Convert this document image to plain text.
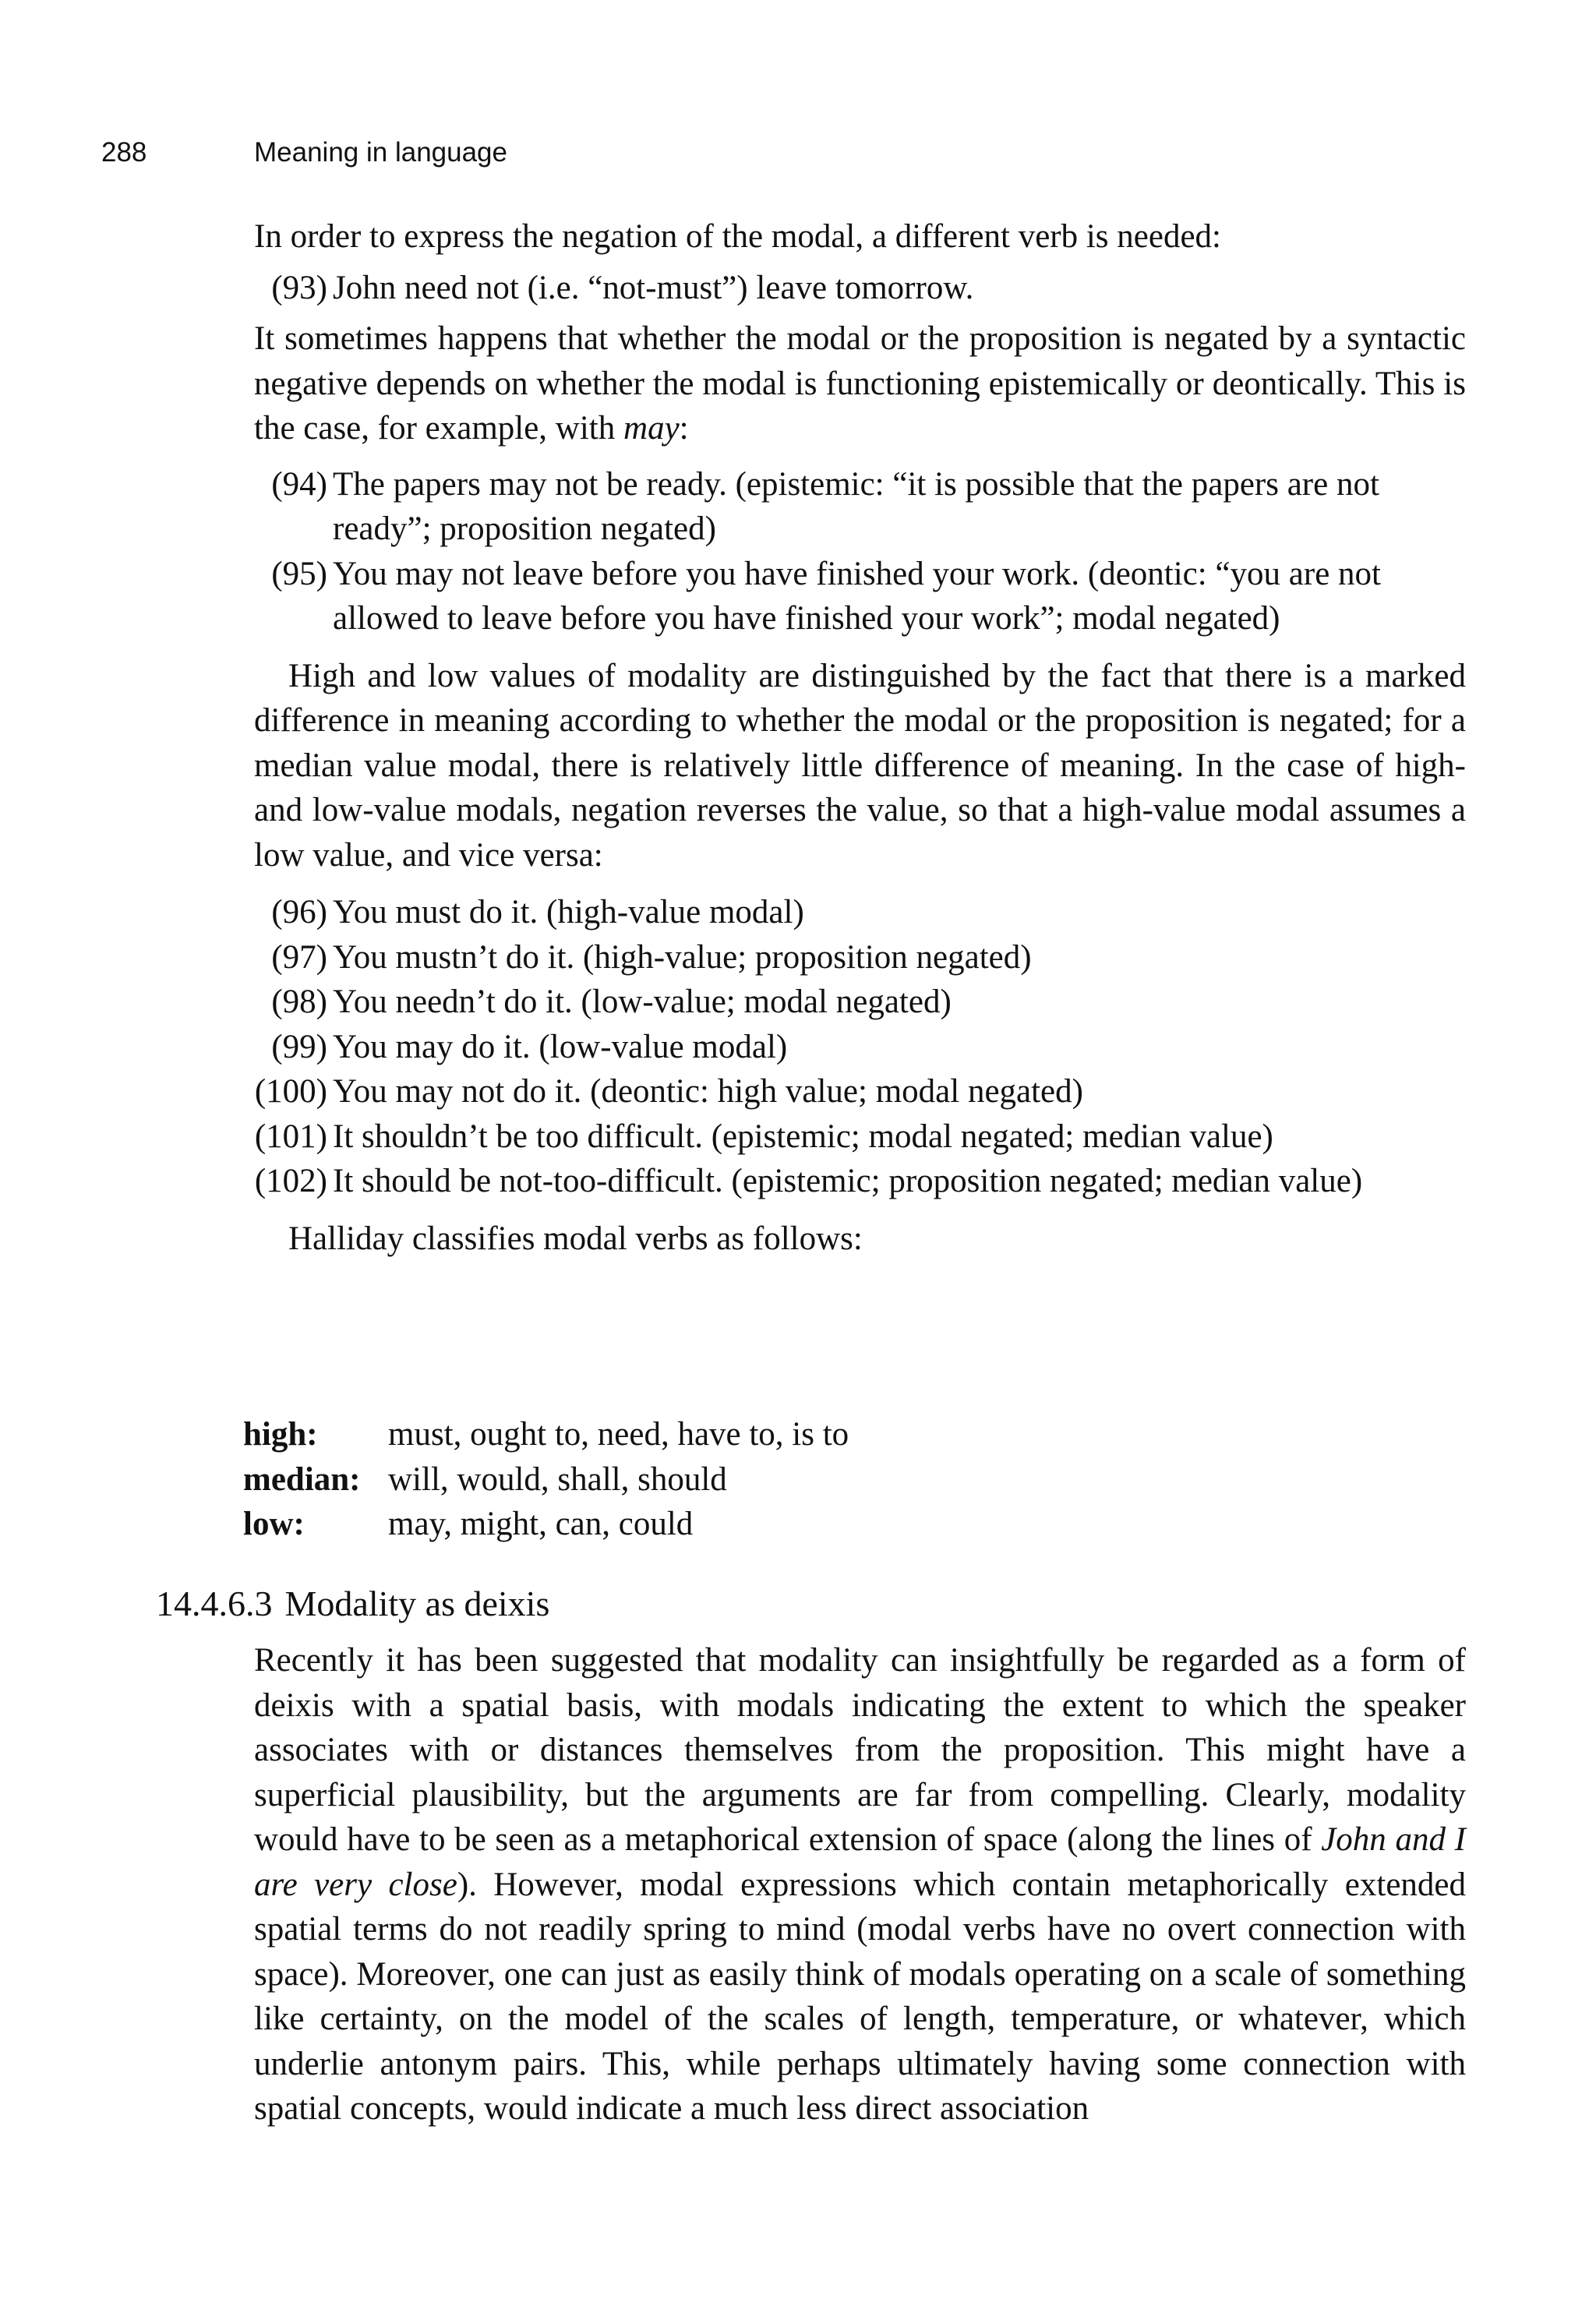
288	Meaning in language

In order to express the negation of the modal, a different verb is needed:

(93) John need not (i.e. “not-must”) leave tomorrow.

It sometimes happens that whether the modal or the proposition is negated by a syntactic negative depends on whether the modal is functioning epistemically or deontically. This is the case, for example, with may:

(94) The papers may not be ready. (epistemic: “it is possible that the papers are not ready”; proposition negated)
(95) You may not leave before you have finished your work. (deontic: “you are not allowed to leave before you have finished your work”; modal negated)

High and low values of modality are distinguished by the fact that there is a marked difference in meaning according to whether the modal or the proposition is negated; for a median value modal, there is relatively little difference of meaning. In the case of high- and low-value modals, negation reverses the value, so that a high-value modal assumes a low value, and vice versa:

(96) You must do it. (high-value modal)
(97) You mustn’t do it. (high-value; proposition negated)
(98) You needn’t do it. (low-value; modal negated)
(99) You may do it. (low-value modal)
(100) You may not do it. (deontic: high value; modal negated)
(101) It shouldn’t be too difficult. (epistemic; modal negated; median value)
(102) It should be not-too-difficult. (epistemic; proposition negated; median value)

Halliday classifies modal verbs as follows:

high: must, ought to, need, have to, is to
median: will, would, shall, should
low: may, might, can, could
14.4.6.3 Modality as deixis

Recently it has been suggested that modality can insightfully be regarded as a form of deixis with a spatial basis, with modals indicating the extent to which the speaker associates with or distances themselves from the proposition. This might have a superficial plausibility, but the arguments are far from compelling. Clearly, modality would have to be seen as a metaphorical extension of space (along the lines of John and I are very close). However, modal expressions which contain metaphorically extended spatial terms do not readily spring to mind (modal verbs have no overt connection with space). Moreover, one can just as easily think of modals operating on a scale of something like certainty, on the model of the scales of length, temperature, or whatever, which underlie antonym pairs. This, while perhaps ultimately having some connection with spatial concepts, would indicate a much less direct association
